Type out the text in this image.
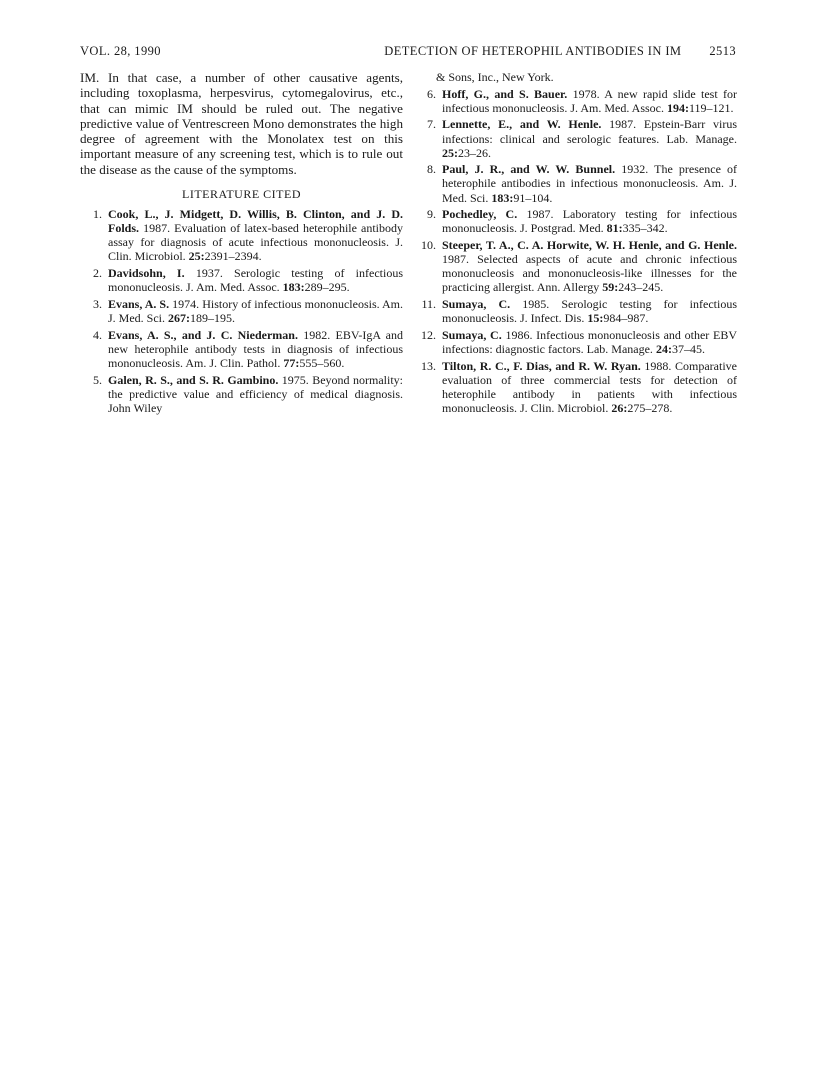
VOL. 28, 1990	DETECTION OF HETEROPHIL ANTIBODIES IN IM 2513

IM. In that case, a number of other causative agents, including toxoplasma, herpesvirus, cytomegalovirus, etc., that can mimic IM should be ruled out. The negative predictive value of Ventrescreen Mono demonstrates the high degree of agreement with the Monolatex test on this important measure of any screening test, which is to rule out the disease as the cause of the symptoms.

LITERATURE CITED
1. Cook, L., J. Midgett, D. Willis, B. Clinton, and J. D. Folds. 1987. Evaluation of latex-based heterophile antibody assay for diagnosis of acute infectious mononucleosis. J. Clin. Microbiol. 25:2391–2394.
2. Davidsohn, I. 1937. Serologic testing of infectious mononucleosis. J. Am. Med. Assoc. 183:289–295.
3. Evans, A. S. 1974. History of infectious mononucleosis. Am. J. Med. Sci. 267:189–195.
4. Evans, A. S., and J. C. Niederman. 1982. EBV-IgA and new heterophile antibody tests in diagnosis of infectious mononucleosis. Am. J. Clin. Pathol. 77:555–560.
5. Galen, R. S., and S. R. Gambino. 1975. Beyond normality: the predictive value and efficiency of medical diagnosis. John Wiley
& Sons, Inc., New York.
6. Hoff, G., and S. Bauer. 1978. A new rapid slide test for infectious mononucleosis. J. Am. Med. Assoc. 194:119–121.
7. Lennette, E., and W. Henle. 1987. Epstein-Barr virus infections: clinical and serologic features. Lab. Manage. 25:23–26.
8. Paul, J. R., and W. W. Bunnel. 1932. The presence of heterophile antibodies in infectious mononucleosis. Am. J. Med. Sci. 183:91–104.
9. Pochedley, C. 1987. Laboratory testing for infectious mononucleosis. J. Postgrad. Med. 81:335–342.
10. Steeper, T. A., C. A. Horwite, W. H. Henle, and G. Henle. 1987. Selected aspects of acute and chronic infectious mononucleosis and mononucleosis-like illnesses for the practicing allergist. Ann. Allergy 59:243–245.
11. Sumaya, C. 1985. Serologic testing for infectious mononucleosis. J. Infect. Dis. 15:984–987.
12. Sumaya, C. 1986. Infectious mononucleosis and other EBV infections: diagnostic factors. Lab. Manage. 24:37–45.
13. Tilton, R. C., F. Dias, and R. W. Ryan. 1988. Comparative evaluation of three commercial tests for detection of heterophile antibody in patients with infectious mononucleosis. J. Clin. Microbiol. 26:275–278.
